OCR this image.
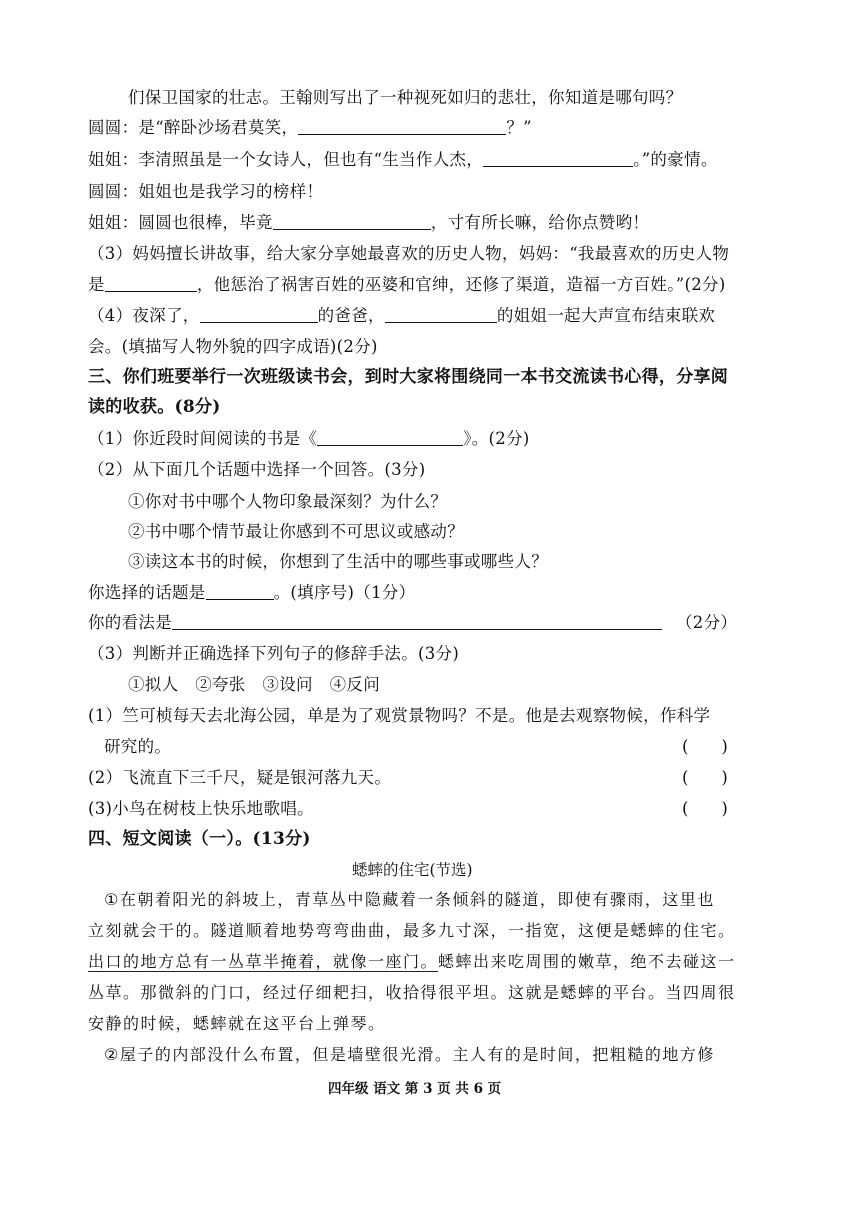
们保卫国家的壮志。王翰则写出了一种视死如归的悲壮，你知道是哪句吗？
圆圆：是“醉卧沙场君莫笑，	？”
姐姐：李清照虽是一个女诗人，但也有“生当作人杰，	。”的豪情。
圆圆：姐姐也是我学习的榜样！
姐姐：圆圆也很棒，毕竟	，寸有所长嘛，给你点赞哟！
（3）妈妈擅长讲故事，给大家分享她最喜欢的历史人物，妈妈：“我最喜欢的历史人物
是	，他惩治了祸害百姓的巫婆和官绅，还修了渠道，造福一方百姓。”(2分)
（4）夜深了，	的爸爸，	的姐姐一起大声宣布结束联欢
会。(填描写人物外貌的四字成语)(2分)
三、你们班要举行一次班级读书会，到时大家将围绕同一本书交流读书心得，分享阅
读的收获。(8分)
（1）你近段时间阅读的书是《	》。(2分)
（2）从下面几个话题中选择一个回答。(3分)
①你对书中哪个人物印象最深刻？为什么？
②书中哪个情节最让你感到不可思议或感动？
③读这本书的时候，你想到了生活中的哪些事或哪些人？
你选择的话题是	。(填序号)（1分）
你的看法是	（2分）
（3）判断并正确选择下列句子的修辞手法。(3分)
①拟人　②夸张　③设问　④反问
(1）竺可桢每天去北海公园，单是为了观赏景物吗？不是。他是去观察物候，作科学
研究的。	(　　)
(2）飞流直下三千尺，疑是银河落九天。	(　　)
(3)小鸟在树枝上快乐地歌唱。	(　　)
四、短文阅读（一）。(13分)
蟋蟀的住宅(节选)
①在朝着阳光的斜坡上，青草丛中隐藏着一条倾斜的隧道，即使有骤雨，这里也
立刻就会干的。隧道顺着地势弯弯曲曲，最多九寸深，一指宽，这便是蟋蟀的住宅。
出口的地方总有一丛草半掩着，就像一座门。蟋蟀出来吃周围的嫩草，绝不去碰这一
丛草。那微斜的门口，经过仔细耙扫，收拾得很平坦。这就是蟋蟀的平台。当四周很
安静的时候，蟋蟀就在这平台上弹琴。
②屋子的内部没什么布置，但是墙壁很光滑。主人有的是时间，把粗糙的地方修
四年级 语文 第 3 页 共 6 页
